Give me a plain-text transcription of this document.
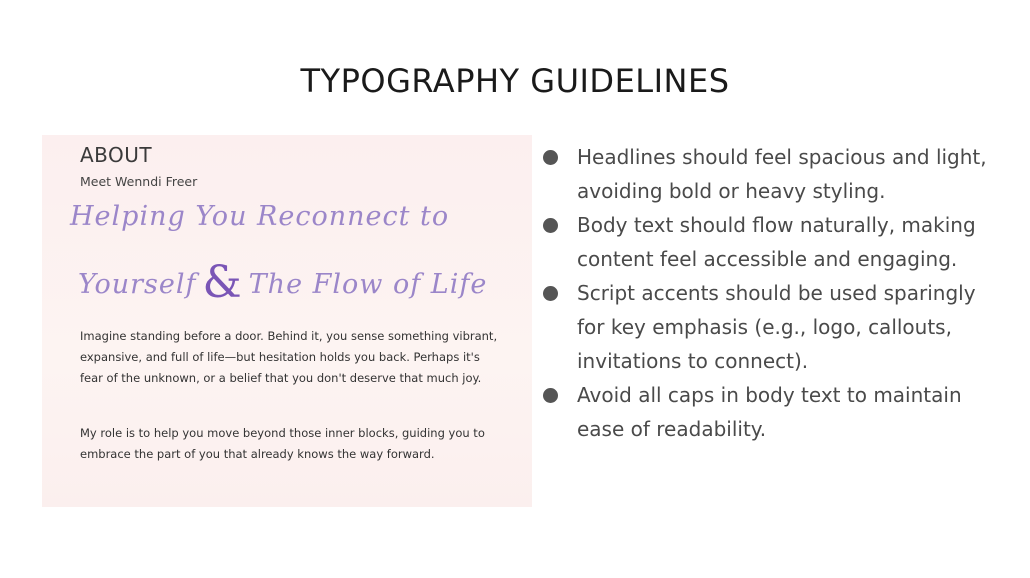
TYPOGRAPHY GUIDELINES

ABOUT

Meet Wenndi Freer

Helping You Reconnect to

Yourself & The Flow of Life

Imagine standing before a door. Behind it, you sense something vibrant, expansive, and full of life—but hesitation holds you back. Perhaps it's fear of the unknown, or a belief that you don't deserve that much joy.

My role is to help you move beyond those inner blocks, guiding you to embrace the part of you that already knows the way forward.

Headlines should feel spacious and light, avoiding bold or heavy styling.
Body text should flow naturally, making content feel accessible and engaging.
Script accents should be used sparingly for key emphasis (e.g., logo, callouts, invitations to connect).
Avoid all caps in body text to maintain ease of readability.
